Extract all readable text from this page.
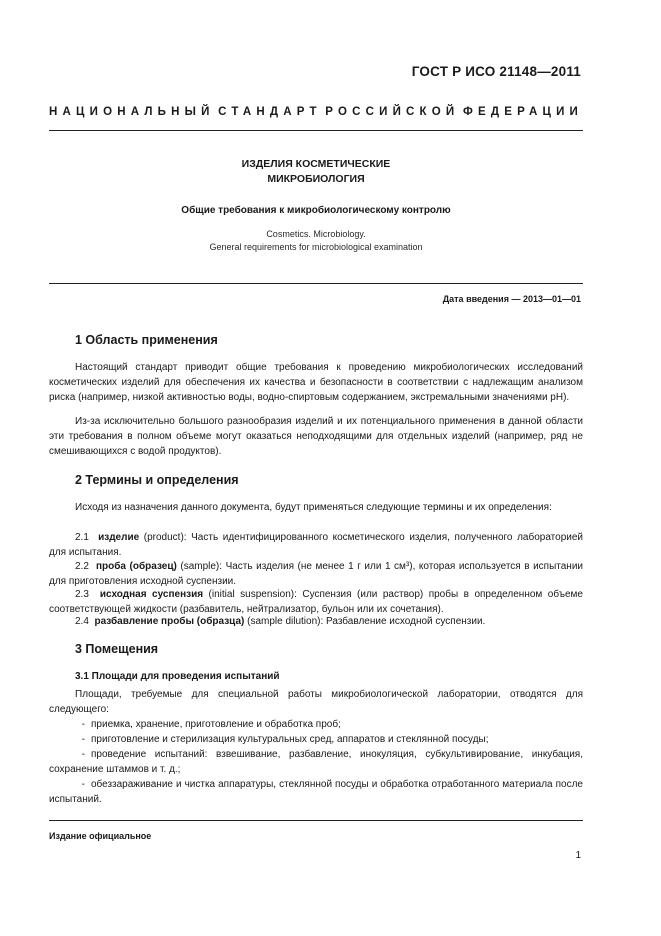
ГОСТ Р ИСО 21148—2011
НАЦИОНАЛЬНЫЙ СТАНДАРТ РОССИЙСКОЙ ФЕДЕРАЦИИ
ИЗДЕЛИЯ КОСМЕТИЧЕСКИЕ
МИКРОБИОЛОГИЯ
Общие требования к микробиологическому контролю
Cosmetics. Microbiology.
General requirements for microbiological examination
Дата введения — 2013—01—01
1 Область применения

Настоящий стандарт приводит общие требования к проведению микробиологических исследований косметических изделий для обеспечения их качества и безопасности в соответствии с надлежащим анализом риска (например, низкой активностью воды, водно-спиртовым содержанием, экстремальными значениями pH).

Из-за исключительно большого разнообразия изделий и их потенциального применения в данной области эти требования в полном объеме могут оказаться неподходящими для отдельных изделий (например, ряд не смешивающихся с водой продуктов).

2 Термины и определения

Исходя из назначения данного документа, будут применяться следующие термины и их определения:

2.1 изделие (product): Часть идентифицированного косметического изделия, полученного лабораторией для испытания.

2.2 проба (образец) (sample): Часть изделия (не менее 1 г или 1 см³), которая используется в испытании для приготовления исходной суспензии.

2.3 исходная суспензия (initial suspension): Суспензия (или раствор) пробы в определенном объеме соответствующей жидкости (разбавитель, нейтрализатор, бульон или их сочетания).

2.4 разбавление пробы (образца) (sample dilution): Разбавление исходной суспензии.

3 Помещения
3.1 Площади для проведения испытаний

Площади, требуемые для специальной работы микробиологической лаборатории, отводятся для следующего:

- приемка, хранение, приготовление и обработка проб;
- приготовление и стерилизация культуральных сред, аппаратов и стеклянной посуды;
- проведение испытаний: взвешивание, разбавление, инокуляция, субкультивирование, инкубация, сохранение штаммов и т. д.;
- обеззараживание и чистка аппаратуры, стеклянной посуды и обработка отработанного материала после испытаний.
Издание официальное
1
